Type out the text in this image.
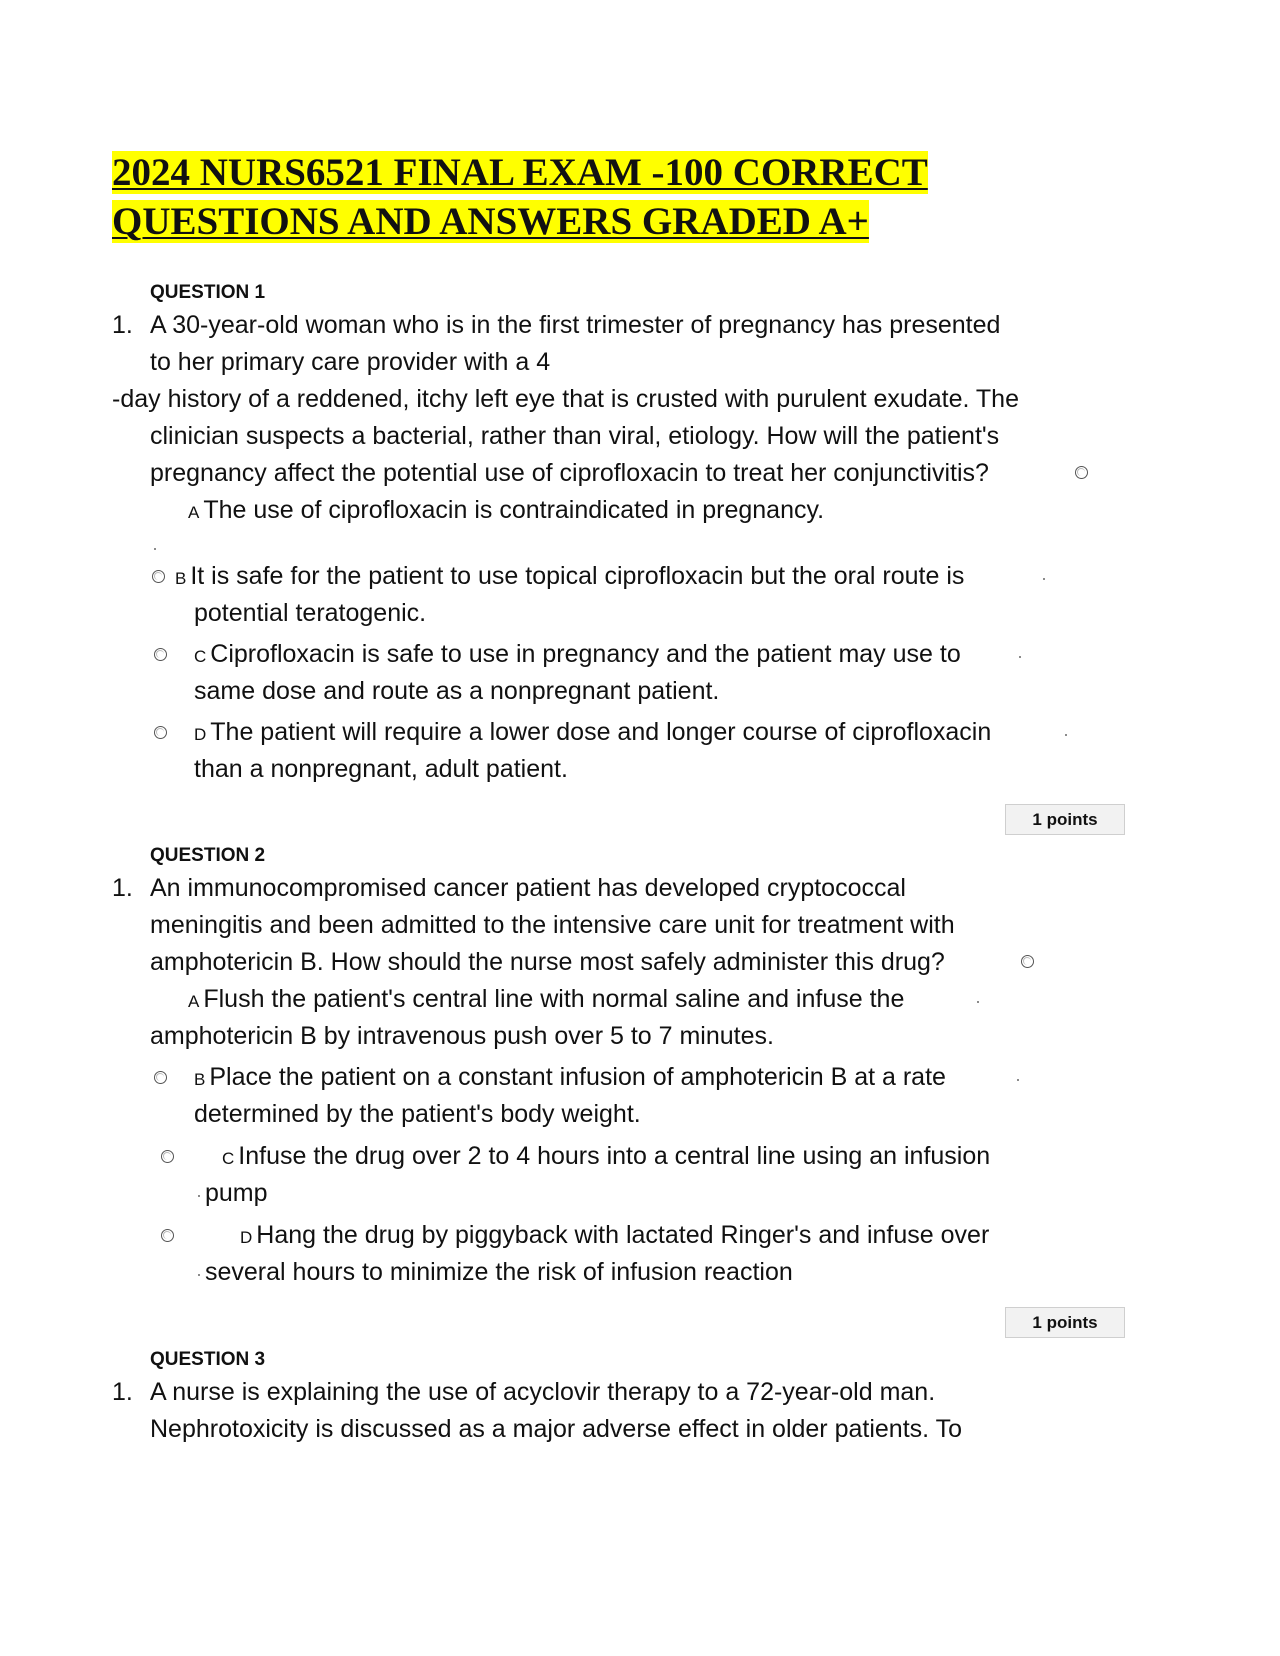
2024 NURS6521 FINAL EXAM -100 CORRECT
QUESTIONS AND ANSWERS GRADED A+
QUESTION 1
1. A 30-year-old woman who is in the first trimester of pregnancy has presented
to her primary care provider with a 4
-day history of a reddened, itchy left eye that is crusted with purulent exudate. The
clinician suspects a bacterial, rather than viral, etiology. How will the patient's
pregnancy affect the potential use of ciprofloxacin to treat her conjunctivitis?
A The use of ciprofloxacin is contraindicated in pregnancy.
B It is safe for the patient to use topical ciprofloxacin but the oral route is
potential teratogenic.
C Ciprofloxacin is safe to use in pregnancy and the patient may use to
same dose and route as a nonpregnant patient.
D The patient will require a lower dose and longer course of ciprofloxacin
than a nonpregnant, adult patient.
1 points
QUESTION 2
1. An immunocompromised cancer patient has developed cryptococcal
meningitis and been admitted to the intensive care unit for treatment with
amphotericin B. How should the nurse most safely administer this drug?
A Flush the patient's central line with normal saline and infuse the
amphotericin B by intravenous push over 5 to 7 minutes.
B Place the patient on a constant infusion of amphotericin B at a rate
determined by the patient's body weight.
C Infuse the drug over 2 to 4 hours into a central line using an infusion
pump
D Hang the drug by piggyback with lactated Ringer's and infuse over
several hours to minimize the risk of infusion reaction
1 points
QUESTION 3
1. A nurse is explaining the use of acyclovir therapy to a 72-year-old man.
Nephrotoxicity is discussed as a major adverse effect in older patients. To
